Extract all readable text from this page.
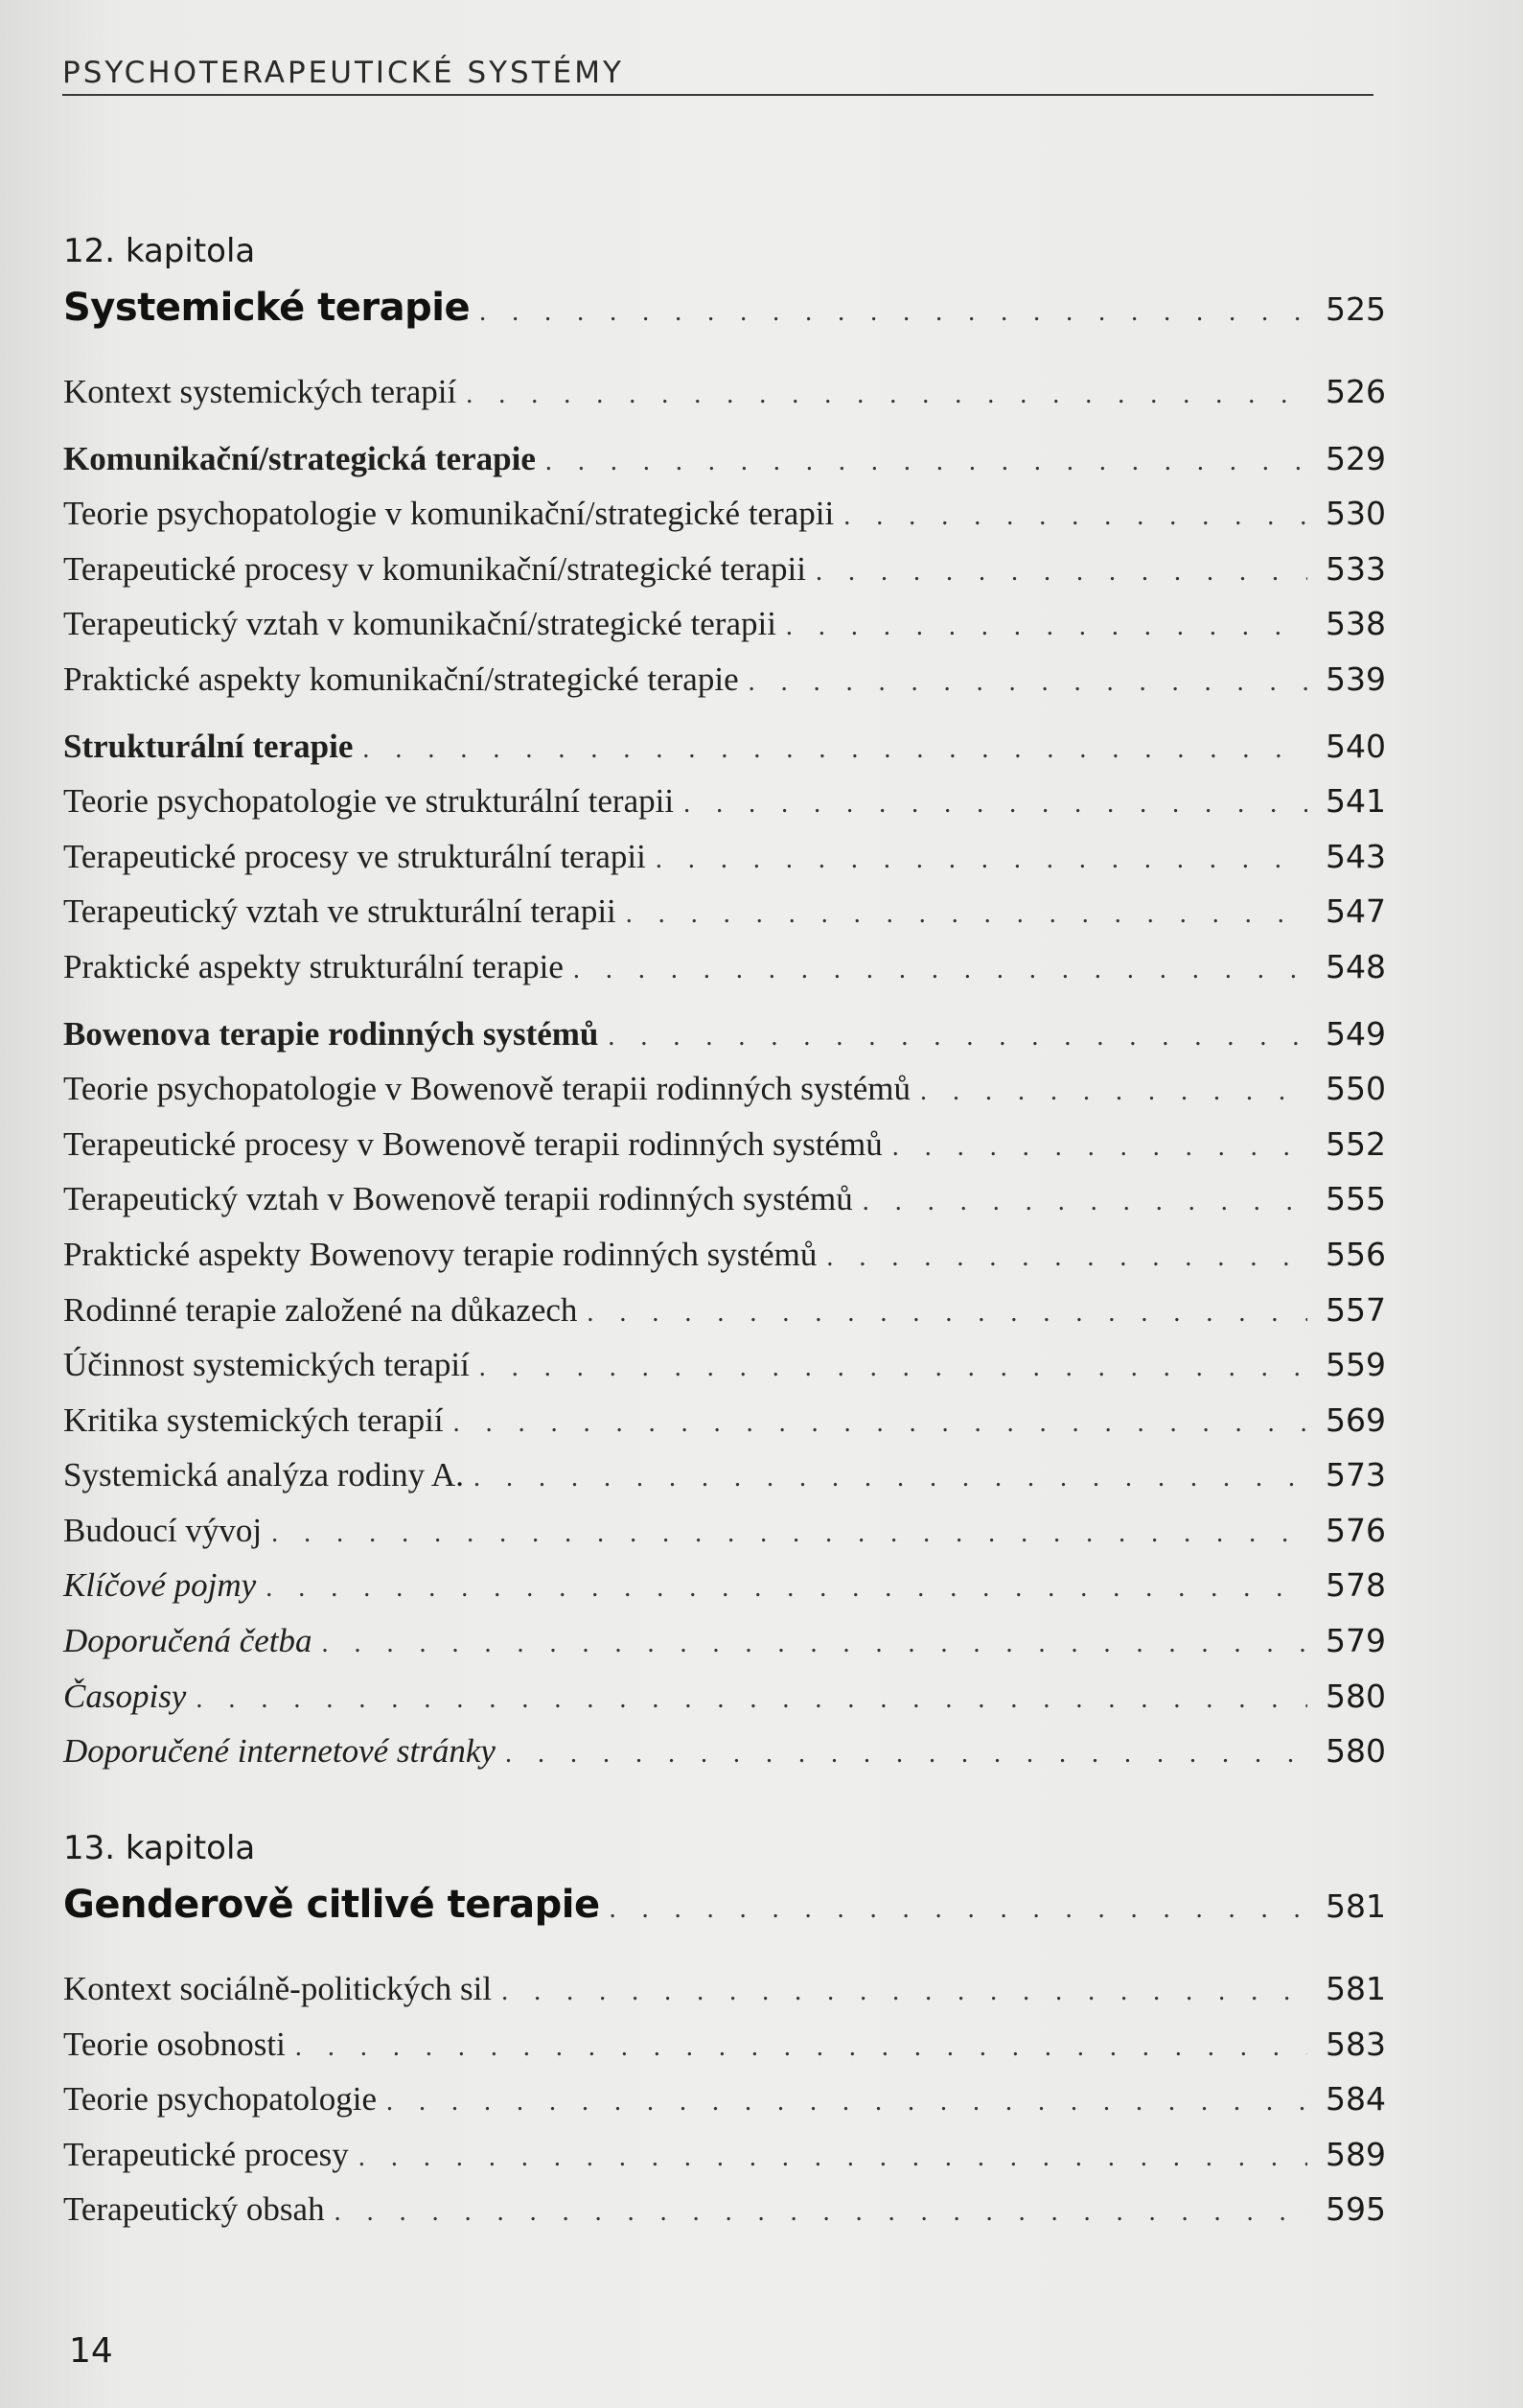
PSYCHOTERAPEUTICKÉ SYSTÉMY
12. kapitola
Systemické terapie . . .	525
Kontext systemických terapií . . .	526
Komunikační/strategická terapie . . .	529
Teorie psychopatologie v komunikační/strategické terapii . . .	530
Terapeutické procesy v komunikační/strategické terapii . . .	533
Terapeutický vztah v komunikační/strategické terapii . . .	538
Praktické aspekty komunikační/strategické terapie . . .	539
Strukturální terapie . . .	540
Teorie psychopatologie ve strukturální terapii . . .	541
Terapeutické procesy ve strukturální terapii . . .	543
Terapeutický vztah ve strukturální terapii . . .	547
Praktické aspekty strukturální terapie . . .	548
Bowenova terapie rodinných systémů . . .	549
Teorie psychopatologie v Bowenově terapii rodinných systémů . . .	550
Terapeutické procesy v Bowenově terapii rodinných systémů . . .	552
Terapeutický vztah v Bowenově terapii rodinných systémů . . .	555
Praktické aspekty Bowenovy terapie rodinných systémů . . .	556
Rodinné terapie založené na důkazech . . .	557
Účinnost systemických terapií . . .	559
Kritika systemických terapií . . .	569
Systemická analýza rodiny A. . . .	573
Budoucí vývoj . . .	576
Klíčové pojmy . . .	578
Doporučená četba . . .	579
Časopisy . . .	580
Doporučené internetové stránky . . .	580
13. kapitola
Genderově citlivé terapie . . .	581
Kontext sociálně-politických sil . . .	581
Teorie osobnosti . . .	583
Teorie psychopatologie . . .	584
Terapeutické procesy . . .	589
Terapeutický obsah . . .	595
14
